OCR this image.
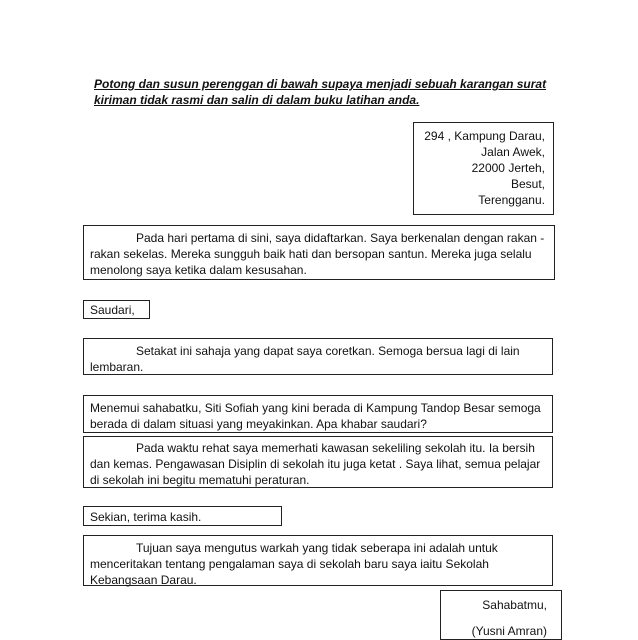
Potong dan susun perenggan di bawah supaya menjadi sebuah karangan surat kiriman tidak rasmi dan salin di dalam buku latihan anda.
294 , Kampung Darau,
Jalan Awek,
22000 Jerteh,
Besut,
Terengganu.
Pada hari pertama di sini, saya didaftarkan. Saya berkenalan dengan rakan -rakan sekelas. Mereka sungguh baik hati dan bersopan santun. Mereka juga selalu menolong saya ketika dalam kesusahan.
Saudari,
Setakat ini sahaja yang dapat saya coretkan. Semoga bersua lagi di lain lembaran.
Menemui sahabatku, Siti Sofiah yang kini berada di Kampung Tandop Besar semoga berada di dalam situasi yang meyakinkan. Apa khabar saudari?
Pada waktu rehat saya memerhati kawasan sekeliling sekolah itu. Ia bersih dan kemas. Pengawasan Disiplin di sekolah itu juga ketat . Saya lihat, semua pelajar di sekolah ini begitu mematuhi peraturan.
Sekian, terima kasih.
Tujuan saya mengutus warkah yang tidak seberapa ini adalah untuk menceritakan tentang pengalaman saya di sekolah baru saya iaitu Sekolah Kebangsaan Darau.
Sahabatmu,
(Yusni Amran)
